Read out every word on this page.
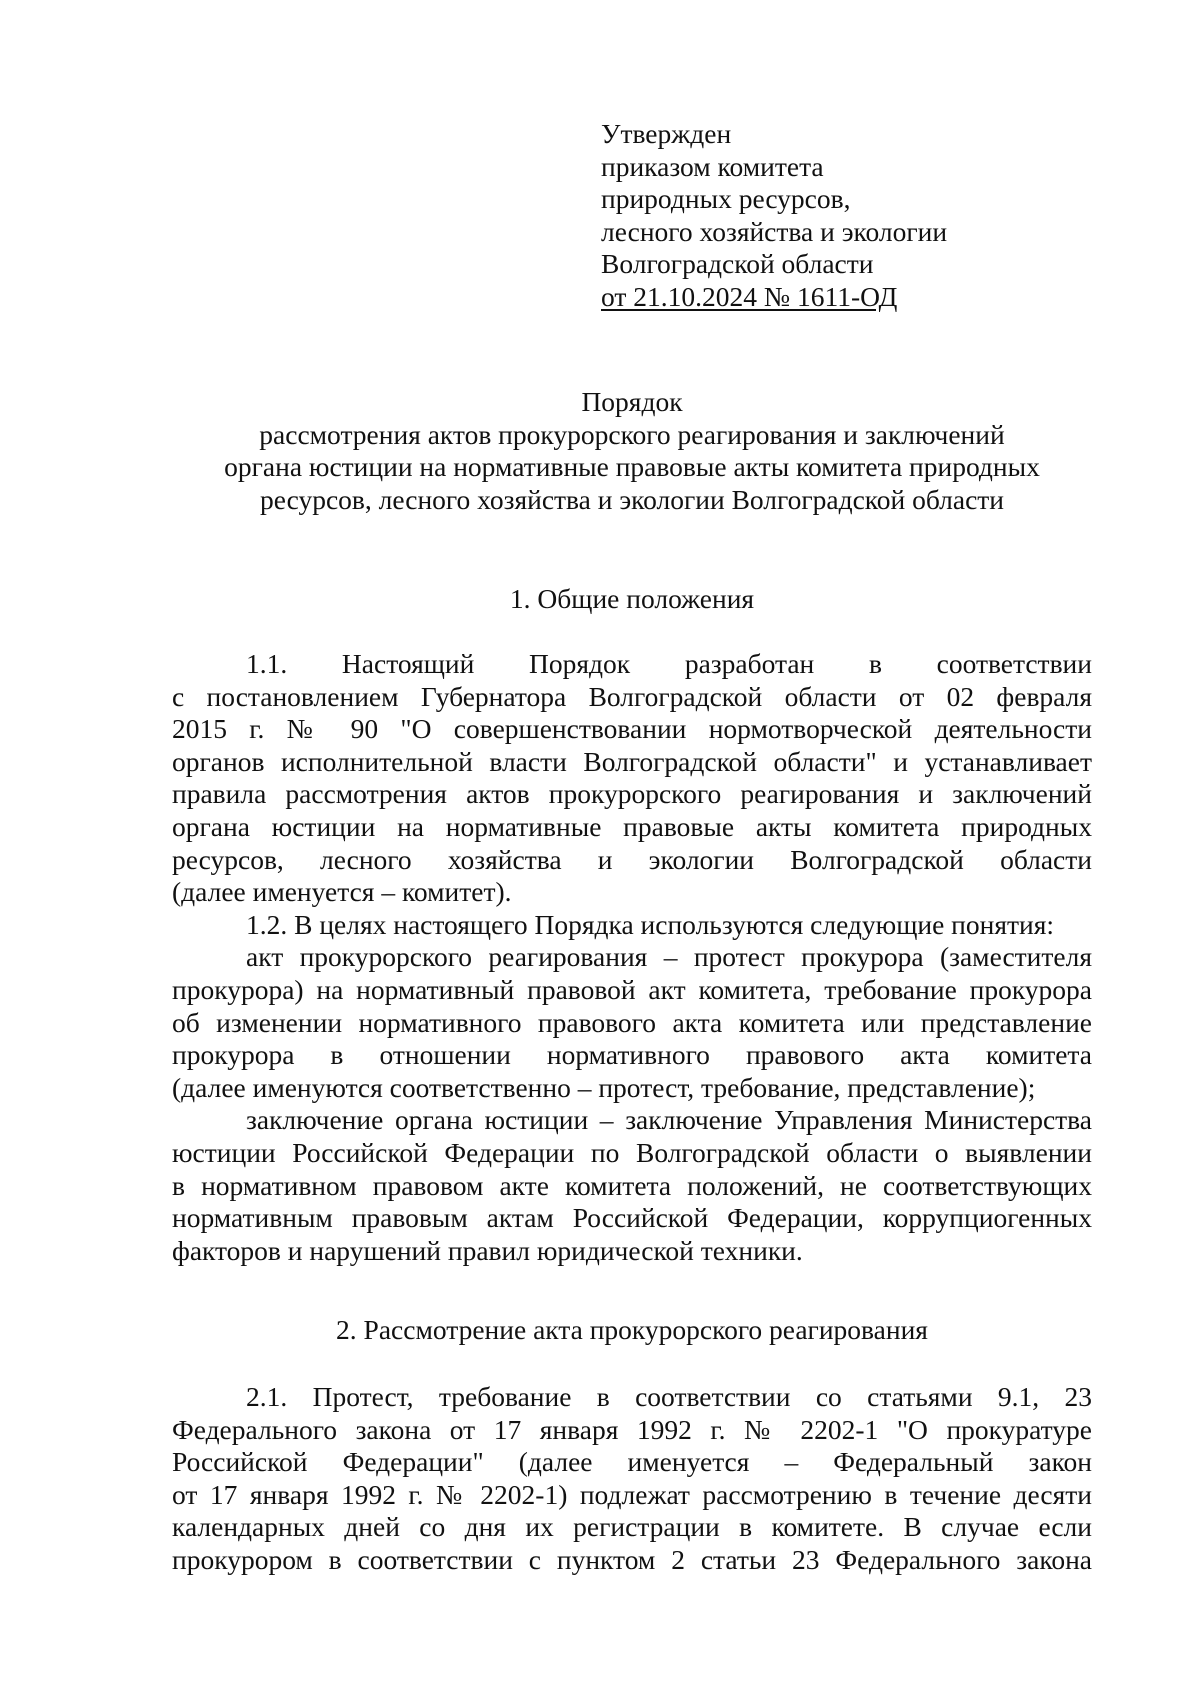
Утвержден
приказом комитета
природных ресурсов,
лесного хозяйства и экологии
Волгоградской области
от 21.10.2024 № 1611-ОД
Порядок
рассмотрения актов прокурорского реагирования и заключений
органа юстиции на нормативные правовые акты комитета природных
ресурсов, лесного хозяйства и экологии Волгоградской области
1. Общие положения
1.1. Настоящий Порядок разработан в соответствии
с постановлением Губернатора Волгоградской области от 02 февраля
2015 г. № 90 "О совершенствовании нормотворческой деятельности
органов исполнительной власти Волгоградской области" и устанавливает
правила рассмотрения актов прокурорского реагирования и заключений
органа юстиции на нормативные правовые акты комитета природных
ресурсов, лесного хозяйства и экологии Волгоградской области
(далее именуется – комитет).
1.2. В целях настоящего Порядка используются следующие понятия:
акт прокурорского реагирования – протест прокурора (заместителя
прокурора) на нормативный правовой акт комитета, требование прокурора
об изменении нормативного правового акта комитета или представление
прокурора в отношении нормативного правового акта комитета
(далее именуются соответственно – протест, требование, представление);
заключение органа юстиции – заключение Управления Министерства
юстиции Российской Федерации по Волгоградской области о выявлении
в нормативном правовом акте комитета положений, не соответствующих
нормативным правовым актам Российской Федерации, коррупциогенных
факторов и нарушений правил юридической техники.
2. Рассмотрение акта прокурорского реагирования
2.1. Протест, требование в соответствии со статьями 9.1, 23
Федерального закона от 17 января 1992 г. № 2202-1 "О прокуратуре
Российской Федерации" (далее именуется – Федеральный закон
от 17 января 1992 г. № 2202-1) подлежат рассмотрению в течение десяти
календарных дней со дня их регистрации в комитете. В случае если
прокурором в соответствии с пунктом 2 статьи 23 Федерального закона
